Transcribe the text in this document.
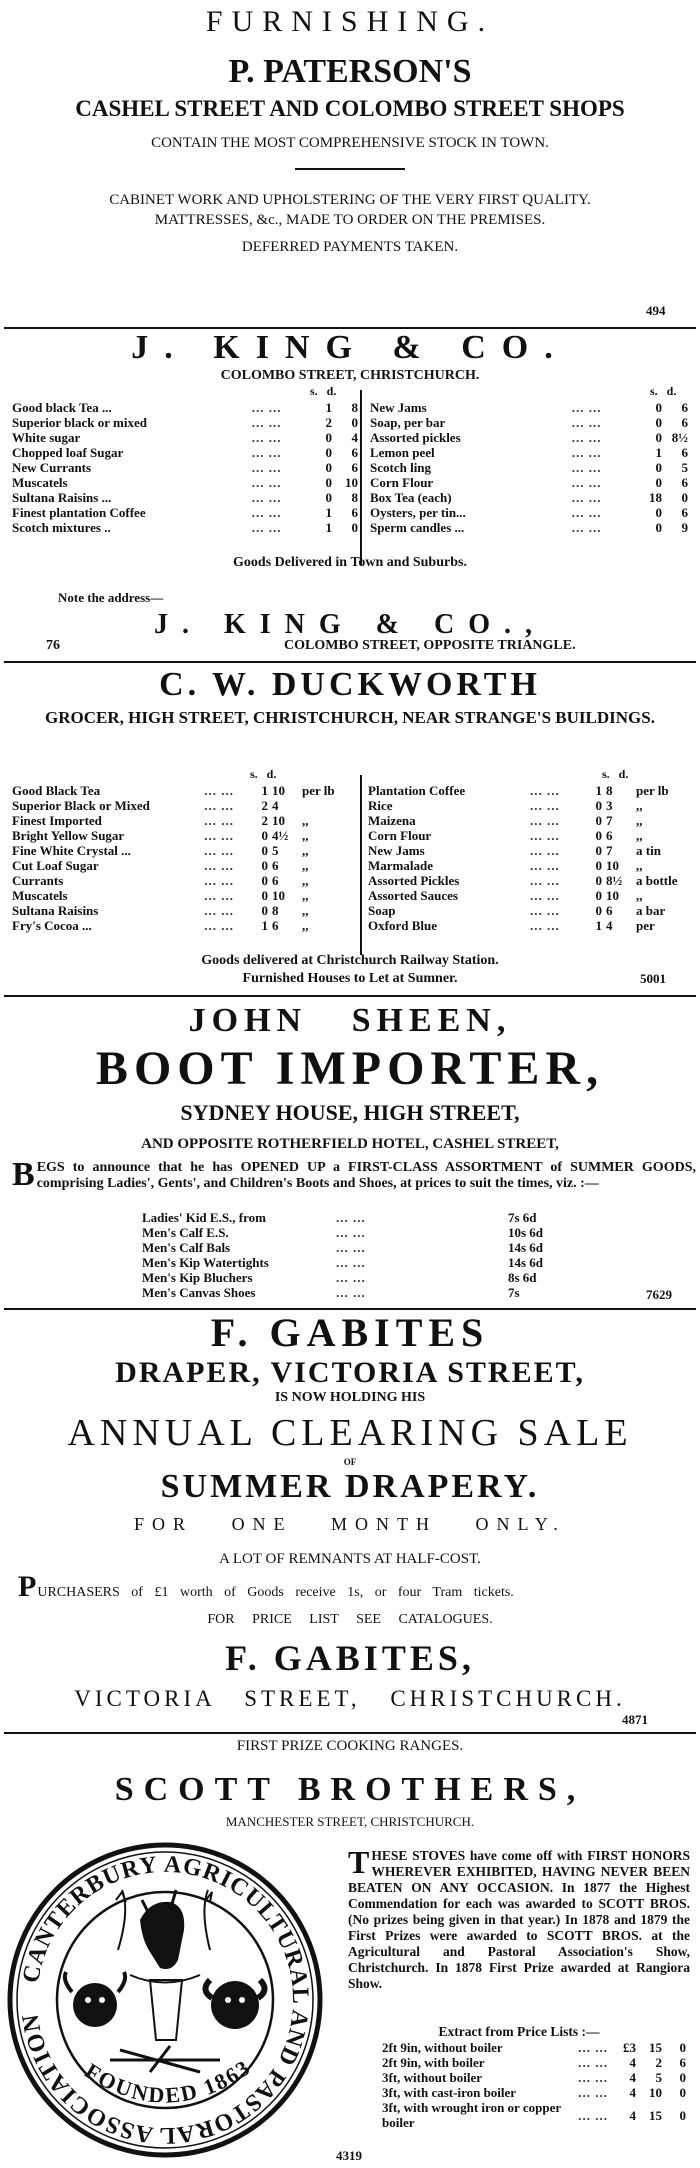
FURNISHING.
P. PATERSON'S
CASHEL STREET AND COLOMBO STREET SHOPS
CONTAIN THE MOST COMPREHENSIVE STOCK IN TOWN.
CABINET WORK AND UPHOLSTERING OF THE VERY FIRST QUALITY.
MATTRESSES, &c., MADE TO ORDER ON THE PREMISES.
DEFERRED PAYMENTS TAKEN.
494
J. KING & CO.
COLOMBO STREET, CHRISTCHURCH.
s. d.
Good black Tea ...	... ...	1	8
Superior black or mixed	... ...	2	0
White sugar	... ...	0	4
Chopped loaf Sugar	... ...	0	6
New Currants	... ...	0	6
Muscatels	... ...	0	10
Sultana Raisins ...	... ...	0	8
Finest plantation Coffee	... ...	1	6
Scotch mixtures ..	... ...	1	0
s. d.
New Jams	... ...	0	6
Soap, per bar	... ...	0	6
Assorted pickles	... ...	0	8½
Lemon peel	... ...	1	6
Scotch ling	... ...	0	5
Corn Flour	... ...	0	6
Box Tea (each)	... ...	18	0
Oysters, per tin...	... ...	0	6
Sperm candles ...	... ...	0	9
Goods Delivered in Town and Suburbs.
Note the address—
J. KING & CO.,
76	COLOMBO STREET, OPPOSITE TRIANGLE.
C. W. DUCKWORTH
GROCER, HIGH STREET, CHRISTCHURCH, NEAR STRANGE'S BUILDINGS.
s. d.
Good Black Tea	... ...	1	10	per lb
Superior Black or Mixed	... ...	2	4	
Finest Imported	... ...	2	10	,,
Bright Yellow Sugar	... ...	0	4½	,,
Fine White Crystal ...	... ...	0	5	,,
Cut Loaf Sugar	... ...	0	6	,,
Currants	... ...	0	6	,,
Muscatels	... ...	0	10	,,
Sultana Raisins	... ...	0	8	,,
Fry's Cocoa ...	... ...	1	6	,,
s. d.
Plantation Coffee	... ...	1	8	per lb
Rice	... ...	0	3	,,
Maizena	... ...	0	7	,,
Corn Flour	... ...	0	6	,,
New Jams	... ...	0	7	a tin
Marmalade	... ...	0	10	,,
Assorted Pickles	... ...	0	8½	a bottle
Assorted Sauces	... ...	0	10	,,
Soap	... ...	0	6	a bar
Oxford Blue	... ...	1	4	per
Goods delivered at Christchurch Railway Station.
Furnished Houses to Let at Sumner.	5001
JOHN SHEEN,
BOOT IMPORTER,
SYDNEY HOUSE, HIGH STREET,
AND OPPOSITE ROTHERFIELD HOTEL, CASHEL STREET,
B EGS to announce that he has OPENED UP a FIRST-CLASS ASSORTMENT of SUMMER GOODS, comprising Ladies', Gents', and Children's Boots and Shoes, at prices to suit the times, viz. :—
Ladies' Kid E.S., from	... ...	7s 6d
Men's Calf E.S.	... ...	10s 6d
Men's Calf Bals	... ...	14s 6d
Men's Kip Watertights	... ...	14s 6d
Men's Kip Bluchers	... ...	8s 6d
Men's Canvas Shoes	... ...	7s	7629
F. GABITES
DRAPER, VICTORIA STREET,
IS NOW HOLDING HIS
ANNUAL CLEARING SALE
OF
SUMMER DRAPERY.
FOR ONE MONTH ONLY.
A LOT OF REMNANTS AT HALF-COST.
PURCHASERS of £1 worth of Goods receive 1s, or four Tram tickets.
FOR PRICE LIST SEE CATALOGUES.
F. GABITES,
VICTORIA STREET, CHRISTCHURCH.
4871
FIRST PRIZE COOKING RANGES.
SCOTT BROTHERS,
MANCHESTER STREET, CHRISTCHURCH.
CANTERBURY AGRICULTURAL AND PASTORAL ASSOCIATION
FOUNDED 1863
T HESE STOVES have come off with FIRST HONORS WHEREVER EXHIBITED, HAVING NEVER BEEN BEATEN ON ANY OCCASION. In 1877 the Highest Commendation for each was awarded to SCOTT BROS. (No prizes being given in that year.) In 1878 and 1879 the First Prizes were awarded to SCOTT BROS. at the Agricultural and Pastoral Association's Show, Christchurch. In 1878 First Prize awarded at Rangiora Show.
Extract from Price Lists :—
2ft 9in, without boiler	... ...	£3	15	0
2ft 9in, with boiler	... ...	4	2	6
3ft, without boiler	... ...	4	5	0
3ft, with cast-iron boiler	... ...	4	10	0
3ft, with wrought iron or copper boiler	... ...	4	15	0
4319
